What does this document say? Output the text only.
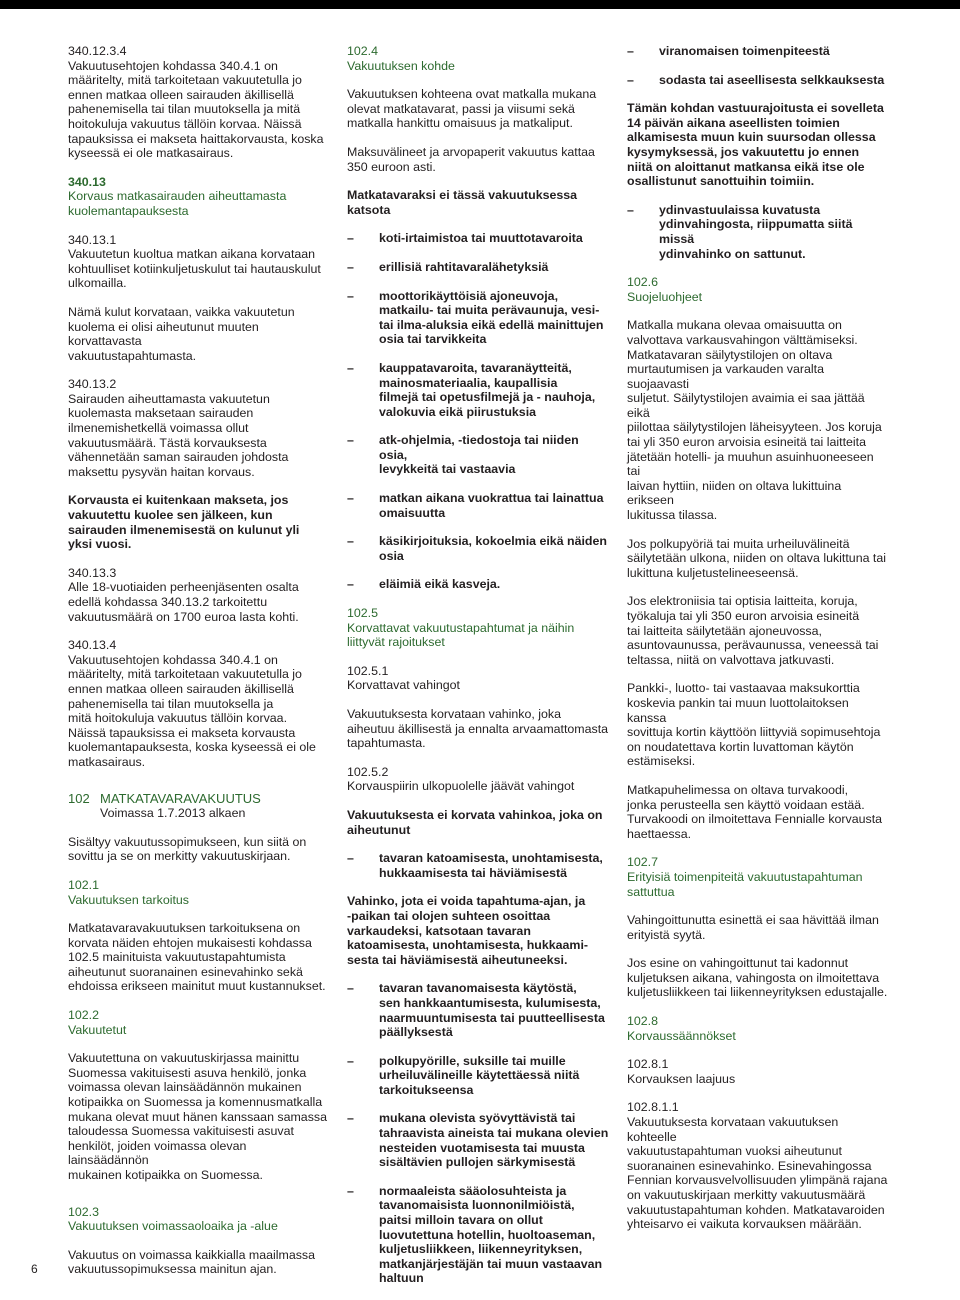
340.12.3.4
Vakuutusehtojen kohdassa 340.4.1 on
määritelty, mitä tarkoitetaan vakuutetulla jo
ennen matkaa olleen sairauden äkillisellä
pahenemisella tai tilan muutoksella ja mitä
hoitokuluja vakuutus tällöin korvaa. Näissä
tapauksissa ei makseta haittakorvausta, koska
kyseessä ei ole matkasairaus.

340.13
Korvaus matkasairauden aiheuttamasta
kuolemantapauksesta

340.13.1
Vakuutetun kuoltua matkan aikana korvataan
kohtuulliset kotiinkuljetuskulut tai hautauskulut
ulkomailla.

Nämä kulut korvataan, vaikka vakuutetun
kuolema ei olisi aiheutunut muuten korvattavasta
vakuutustapahtumasta.

340.13.2
Sairauden aiheuttamasta vakuutetun
kuolemasta maksetaan sairauden
ilmenemishetkellä voimassa ollut
vakuutusmäärä. Tästä korvauksesta
vähennetään saman sairauden johdosta
maksettu pysyvän haitan korvaus.

Korvausta ei kuitenkaan makseta, jos
vakuutettu kuolee sen jälkeen, kun
sairauden ilmenemisestä on kulunut yli
yksi vuosi.

340.13.3
Alle 18-vuotiaiden perheenjäsenten osalta
edellä kohdassa 340.13.2 tarkoitettu
vakuutusmäärä on 1700 euroa lasta kohti.

340.13.4
Vakuutusehtojen kohdassa 340.4.1 on
määritelty, mitä tarkoitetaan vakuutetulla jo
ennen matkaa olleen sairauden äkillisellä
pahenemisella tai tilan muutoksella ja
mitä hoitokuluja vakuutus tällöin korvaa.
Näissä tapauksissa ei makseta korvausta
kuolemantapauksesta, koska kyseessä ei ole
matkasairaus.

102 MATKATAVARAVAKUUTUS
Voimassa 1.7.2013 alkaen

Sisältyy vakuutussopimukseen, kun siitä on
sovittu ja se on merkitty vakuutuskirjaan.

102.1
Vakuutuksen tarkoitus

Matkatavaravakuutuksen tarkoituksena on
korvata näiden ehtojen mukaisesti kohdassa
102.5 mainituista vakuutustapahtumista
aiheutunut suoranainen esinevahinko sekä
ehdoissa erikseen mainitut muut kustannukset.

102.2
Vakuutetut

Vakuutettuna on vakuutuskirjassa mainittu
Suomessa vakituisesti asuva henkilö, jonka
voimassa olevan lainsäädännön mukainen
kotipaikka on Suomessa ja komennusmatkalla
mukana olevat muut hänen kanssaan samassa
taloudessa Suomessa vakituisesti asuvat
henkilöt, joiden voimassa olevan lainsäädännön
mukainen kotipaikka on Suomessa.

102.3
Vakuutuksen voimassaoloaika ja -alue

Vakuutus on voimassa kaikkialla maailmassa
vakuutussopimuksessa mainitun ajan.

102.4
Vakuutuksen kohde

Vakuutuksen kohteena ovat matkalla mukana
olevat matkatavarat, passi ja viisumi sekä
matkalla hankittu omaisuus ja matkaliput.

Maksuvälineet ja arvopaperit vakuutus kattaa
350 euroon asti.

Matkatavaraksi ei tässä vakuutuksessa
katsota

– koti-irtaimistoa tai muuttotavaroita
– erillisiä rahtitavaralähetyksiä
– moottorikäyttöisiä ajoneuvoja,
matkailu- tai muita perävaunuja, vesi-
tai ilma-aluksia eikä edellä mainittujen
osia tai tarvikkeita
– kauppatavaroita, tavaranäytteitä,
mainosmateriaalia, kaupallisia
filmejä tai opetusfilmejä ja - nauhoja,
valokuvia eikä piirustuksia
– atk-ohjelmia, -tiedostoja tai niiden osia,
levykkeitä tai vastaavia
– matkan aikana vuokrattua tai lainattua
omaisuutta
– käsikirjoituksia, kokoelmia eikä näiden
osia
– eläimiä eikä kasveja.
102.5
Korvattavat vakuutustapahtumat ja näihin
liittyvät rajoitukset

102.5.1
Korvattavat vahingot

Vakuutuksesta korvataan vahinko, joka
aiheutuu äkillisestä ja ennalta arvaamattomasta
tapahtumasta.

102.5.2
Korvauspiirin ulkopuolelle jäävät vahingot

Vakuutuksesta ei korvata vahinkoa, joka on
aiheutunut

– tavaran katoamisesta, unohtamisesta,
hukkaamisesta tai häviämisestä

Vahinko, jota ei voida tapahtuma-ajan, ja
-paikan tai olojen suhteen osoittaa
varkaudeksi, katsotaan tavaran
katoamisesta, unohtamisesta, hukkaami-
sesta tai häviämisestä aiheutuneeksi.

– tavaran tavanomaisesta käytöstä,
sen hankkaantumisesta, kulumisesta,
naarmuuntumisesta tai puutteellisesta
päällyksestä
– polkupyörille, suksille tai muille
urheiluvälineille käytettäessä niitä
tarkoitukseensa
– mukana olevista syövyttävistä tai
tahraavista aineista tai mukana olevien
nesteiden vuotamisesta tai muusta
sisältävien pullojen särkymisestä
– normaaleista sääolosuhteista ja
tavanomaisista luonnonilmiöistä,
paitsi milloin tavara on ollut
luovutettuna hotellin, huoltoaseman,
kuljetusliikkeen, liikenneyrityksen,
matkanjärjestäjän tai muun vastaavan
haltuun
– viranomaisen toimenpiteestä
– sodasta tai aseellisesta selkkauksesta

Tämän kohdan vastuurajoitusta ei sovelleta
14 päivän aikana aseellisten toimien
alkamisesta muun kuin suursodan ollessa
kysymyksessä, jos vakuutettu jo ennen
niitä on aloittanut matkansa eikä itse ole
osallistunut sanottuihin toimiin.

– ydinvastuulaissa kuvatusta
ydinvahingosta, riippumatta siitä missä
ydinvahinko on sattunut.
102.6
Suojeluohjeet

Matkalla mukana olevaa omaisuutta on
valvottava varkausvahingon välttämiseksi.
Matkatavaran säilytystilojen on oltava
murtautumisen ja varkauden varalta suojaavasti
suljetut. Säilytystilojen avaimia ei saa jättää eikä
piilottaa säilytystilojen läheisyyteen. Jos koruja
tai yli 350 euron arvoisia esineitä tai laitteita
jätetään hotelli- ja muuhun asuinhuoneeseen tai
laivan hyttiin, niiden on oltava lukittuina erikseen
lukitussa tilassa.

Jos polkupyöriä tai muita urheiluvälineitä
säilytetään ulkona, niiden on oltava lukittuna tai
lukittuna kuljetustelineeseensä.

Jos elektroniisia tai optisia laitteita, koruja,
työkaluja tai yli 350 euron arvoisia esineitä
tai laitteita säilytetään ajoneuvossa,
asuntovaunussa, perävaunussa, veneessä tai
teltassa, niitä on valvottava jatkuvasti.

Pankki-, luotto- tai vastaavaa maksukorttia
koskevia pankin tai muun luottolaitoksen kanssa
sovittuja kortin käyttöön liittyviä sopimusehtoja
on noudatettava kortin luvattoman käytön
estämiseksi.

Matkapuhelimessa on oltava turvakoodi,
jonka perusteella sen käyttö voidaan estää.
Turvakoodi on ilmoitettava Fennialle korvausta
haettaessa.

102.7
Erityisiä toimenpiteitä vakuutustapahtuman
sattuttua

Vahingoittunutta esinettä ei saa hävittää ilman
erityistä syytä.

Jos esine on vahingoittunut tai kadonnut
kuljetuksen aikana, vahingosta on ilmoitettava
kuljetusliikkeen tai liikenneyrityksen edustajalle.

102.8
Korvaussäännökset

102.8.1
Korvauksen laajuus

102.8.1.1
Vakuutuksesta korvataan vakuutuksen kohteelle
vakuutustapahtuman vuoksi aiheutunut
suoranainen esinevahinko. Esinevahingossa
Fennian korvausvelvollisuuden ylimpänä rajana
on vakuutuskirjaan merkitty vakuutusmäärä
vakuutustapahtuman kohden. Matkatavaroiden
yhteisarvo ei vaikuta korvauksen määrään.

6
